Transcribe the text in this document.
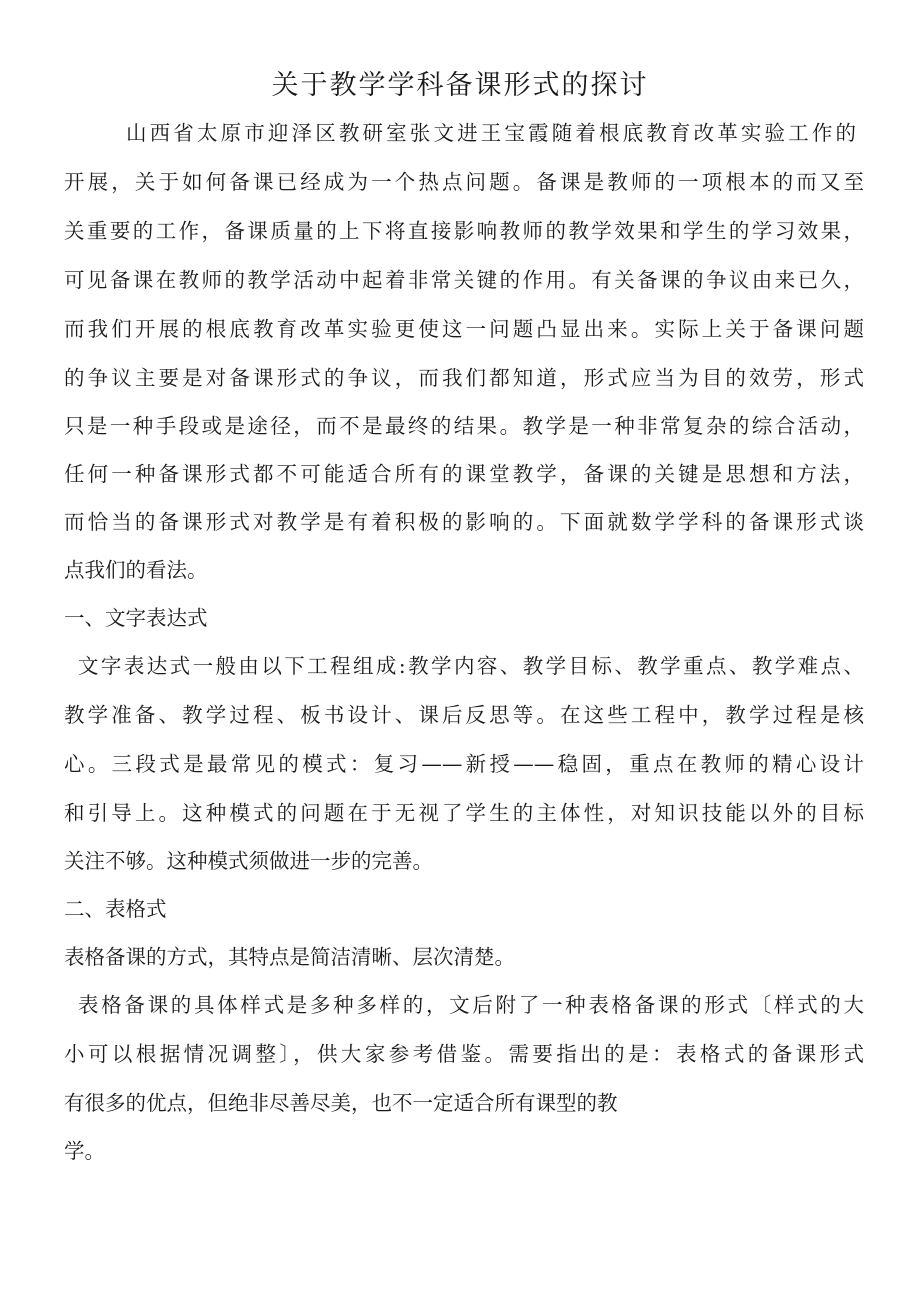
关于教学学科备课形式的探讨
山西省太原市迎泽区教研室张文进王宝霞随着根底教育改革实验工作的
开展，关于如何备课已经成为一个热点问题。备课是教师的一项根本的而又至
关重要的工作，备课质量的上下将直接影响教师的教学效果和学生的学习效果，
可见备课在教师的教学活动中起着非常关键的作用。有关备课的争议由来已久，
而我们开展的根底教育改革实验更使这一问题凸显出来。实际上关于备课问题
的争议主要是对备课形式的争议，而我们都知道，形式应当为目的效劳，形式
只是一种手段或是途径，而不是最终的结果。教学是一种非常复杂的综合活动，
任何一种备课形式都不可能适合所有的课堂教学，备课的关键是思想和方法，
而恰当的备课形式对教学是有着积极的影响的。下面就数学学科的备课形式谈
点我们的看法。
一、文字表达式
文字表达式一般由以下工程组成:教学内容、教学目标、教学重点、教学难点、
教学准备、教学过程、板书设计、课后反思等。在这些工程中，教学过程是核
心。三段式是最常见的模式：复习——新授——稳固，重点在教师的精心设计
和引导上。这种模式的问题在于无视了学生的主体性，对知识技能以外的目标
关注不够。这种模式须做进一步的完善。
二、表格式
表格备课的方式，其特点是简洁清晰、层次清楚。
表格备课的具体样式是多种多样的，文后附了一种表格备课的形式〔样式的大
小可以根据情况调整〕，供大家参考借鉴。需要指出的是：表格式的备课形式
有很多的优点，但绝非尽善尽美，也不一定适合所有课型的教
学。
